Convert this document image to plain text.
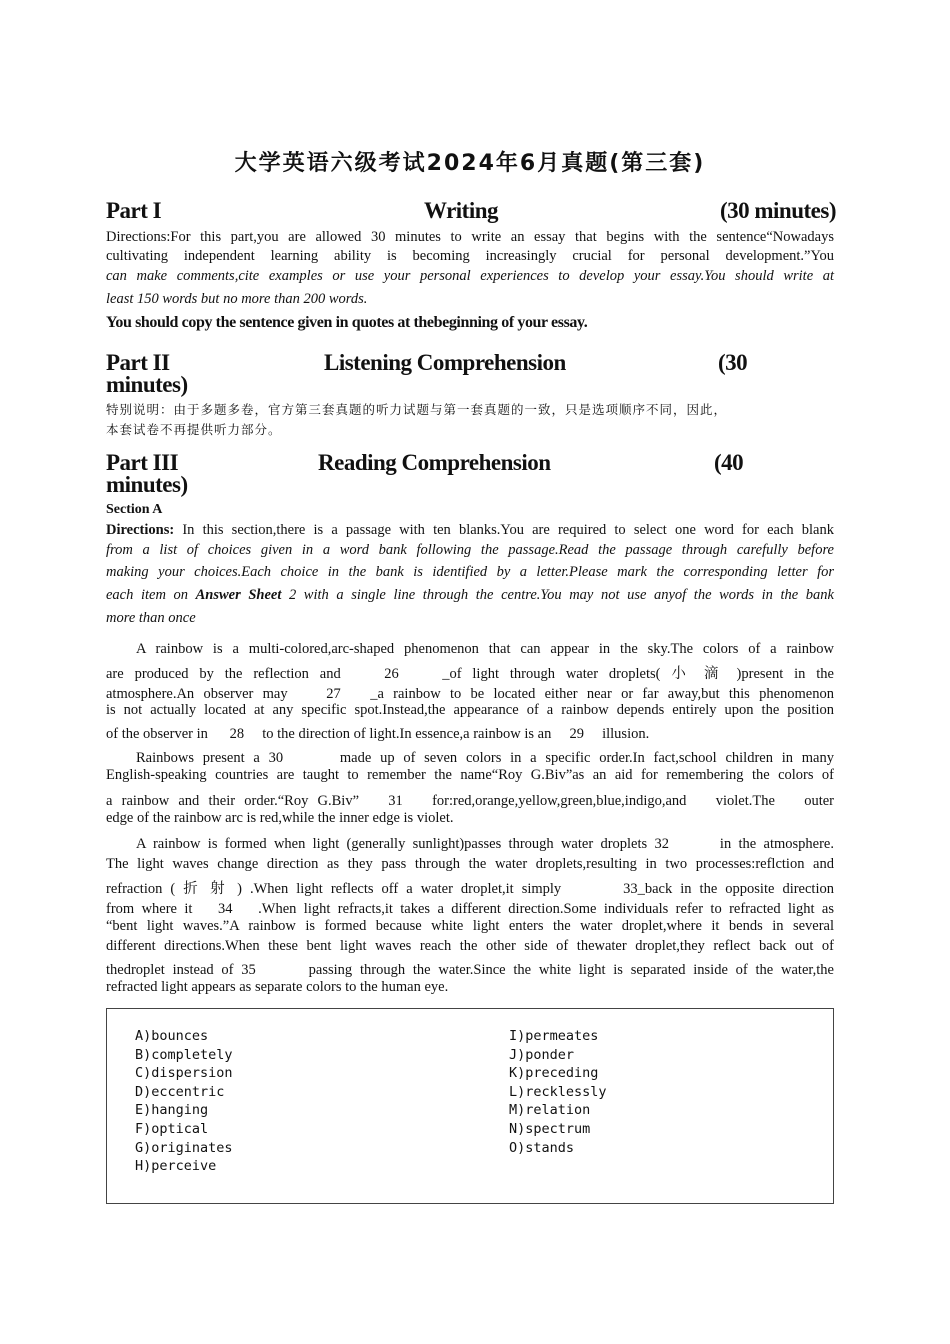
大学英语六级考试2024年6月真题(第三套)
Part I	Writing	(30 minutes)

Directions:For this part,you are allowed 30 minutes to write an essay that begins with the sentence“Nowadays

cultivating independent learning ability is becoming increasingly crucial for personal development.”You

can make comments,cite examples or use your personal experiences to develop your essay.You should write at

least 150 words but no more than 200 words.

You should copy the sentence given in quotes at thebeginning of your essay.

Part II	Listening Comprehension	(30
minutes)

特别说明：由于多题多卷，官方第三套真题的听力试题与第一套真题的一致，只是选项顺序不同，因此，

本套试卷不再提供听力部分。

Part III	Reading Comprehension	(40
minutes)

Section A

Directions: In this section,there is a passage with ten blanks.You are required to select one word for each blank

from a list of choices given in a word bank following the passage.Read the passage through carefully before

making your choices.Each choice in the bank is identified by a letter.Please mark the corresponding letter for

each item on Answer Sheet 2 with a single line through the centre.You may not use anyof the words in the bank

more than once

A rainbow is a multi-colored,arc-shaped phenomenon that can appear in the sky.The colors of a rainbow

are produced by the reflection and 　 26 　 _of light through water droplets( 小 滴 )present in the

atmosphere.An observer may 　 27 　_a rainbow to be located either near or far away,but this phenomenon

is not actually located at any specific spot.Instead,the appearance of a rainbow depends entirely upon the position

of the observer in 　 28 　to the direction of light.In essence,a rainbow is an 　29 　illusion.

Rainbows present a 30 　 　made up of seven colors in a specific order.In fact,school children in many

English-speaking countries are taught to remember the name“Roy G.Biv”as an aid for remembering the colors of

a rainbow and their order.“Roy G.Biv” 　31 　for:red,orange,yellow,green,blue,indigo,and 　violet.The 　outer

edge of the rainbow arc is red,while the inner edge is violet.

A rainbow is formed when light (generally sunlight)passes through water droplets 32 　 　in the atmosphere.

The light waves change direction as they pass through the water droplets,resulting in two processes:reflction and

refraction ( 折 射 ) .When light reflects off a water droplet,it simply 　 　 33_back in the opposite direction

from where it 　34 　.When light refracts,it takes a different direction.Some individuals refer to refracted light as

“bent light waves.”A rainbow is formed because white light enters the water droplet,where it bends in several

different directions.When these bent light waves reach the other side of thewater droplet,they reflect back out of

thedroplet instead of 35 　 　passing through the water.Since the white light is separated inside of the water,the

refracted light appears as separate colors to the human eye.

A)bounces
B)completely
C)dispersion
D)eccentric
E)hanging
F)optical
G)originates
H)perceive
I)permeates
J)ponder
K)preceding
L)recklessly
M)relation
N)spectrum
O)stands
